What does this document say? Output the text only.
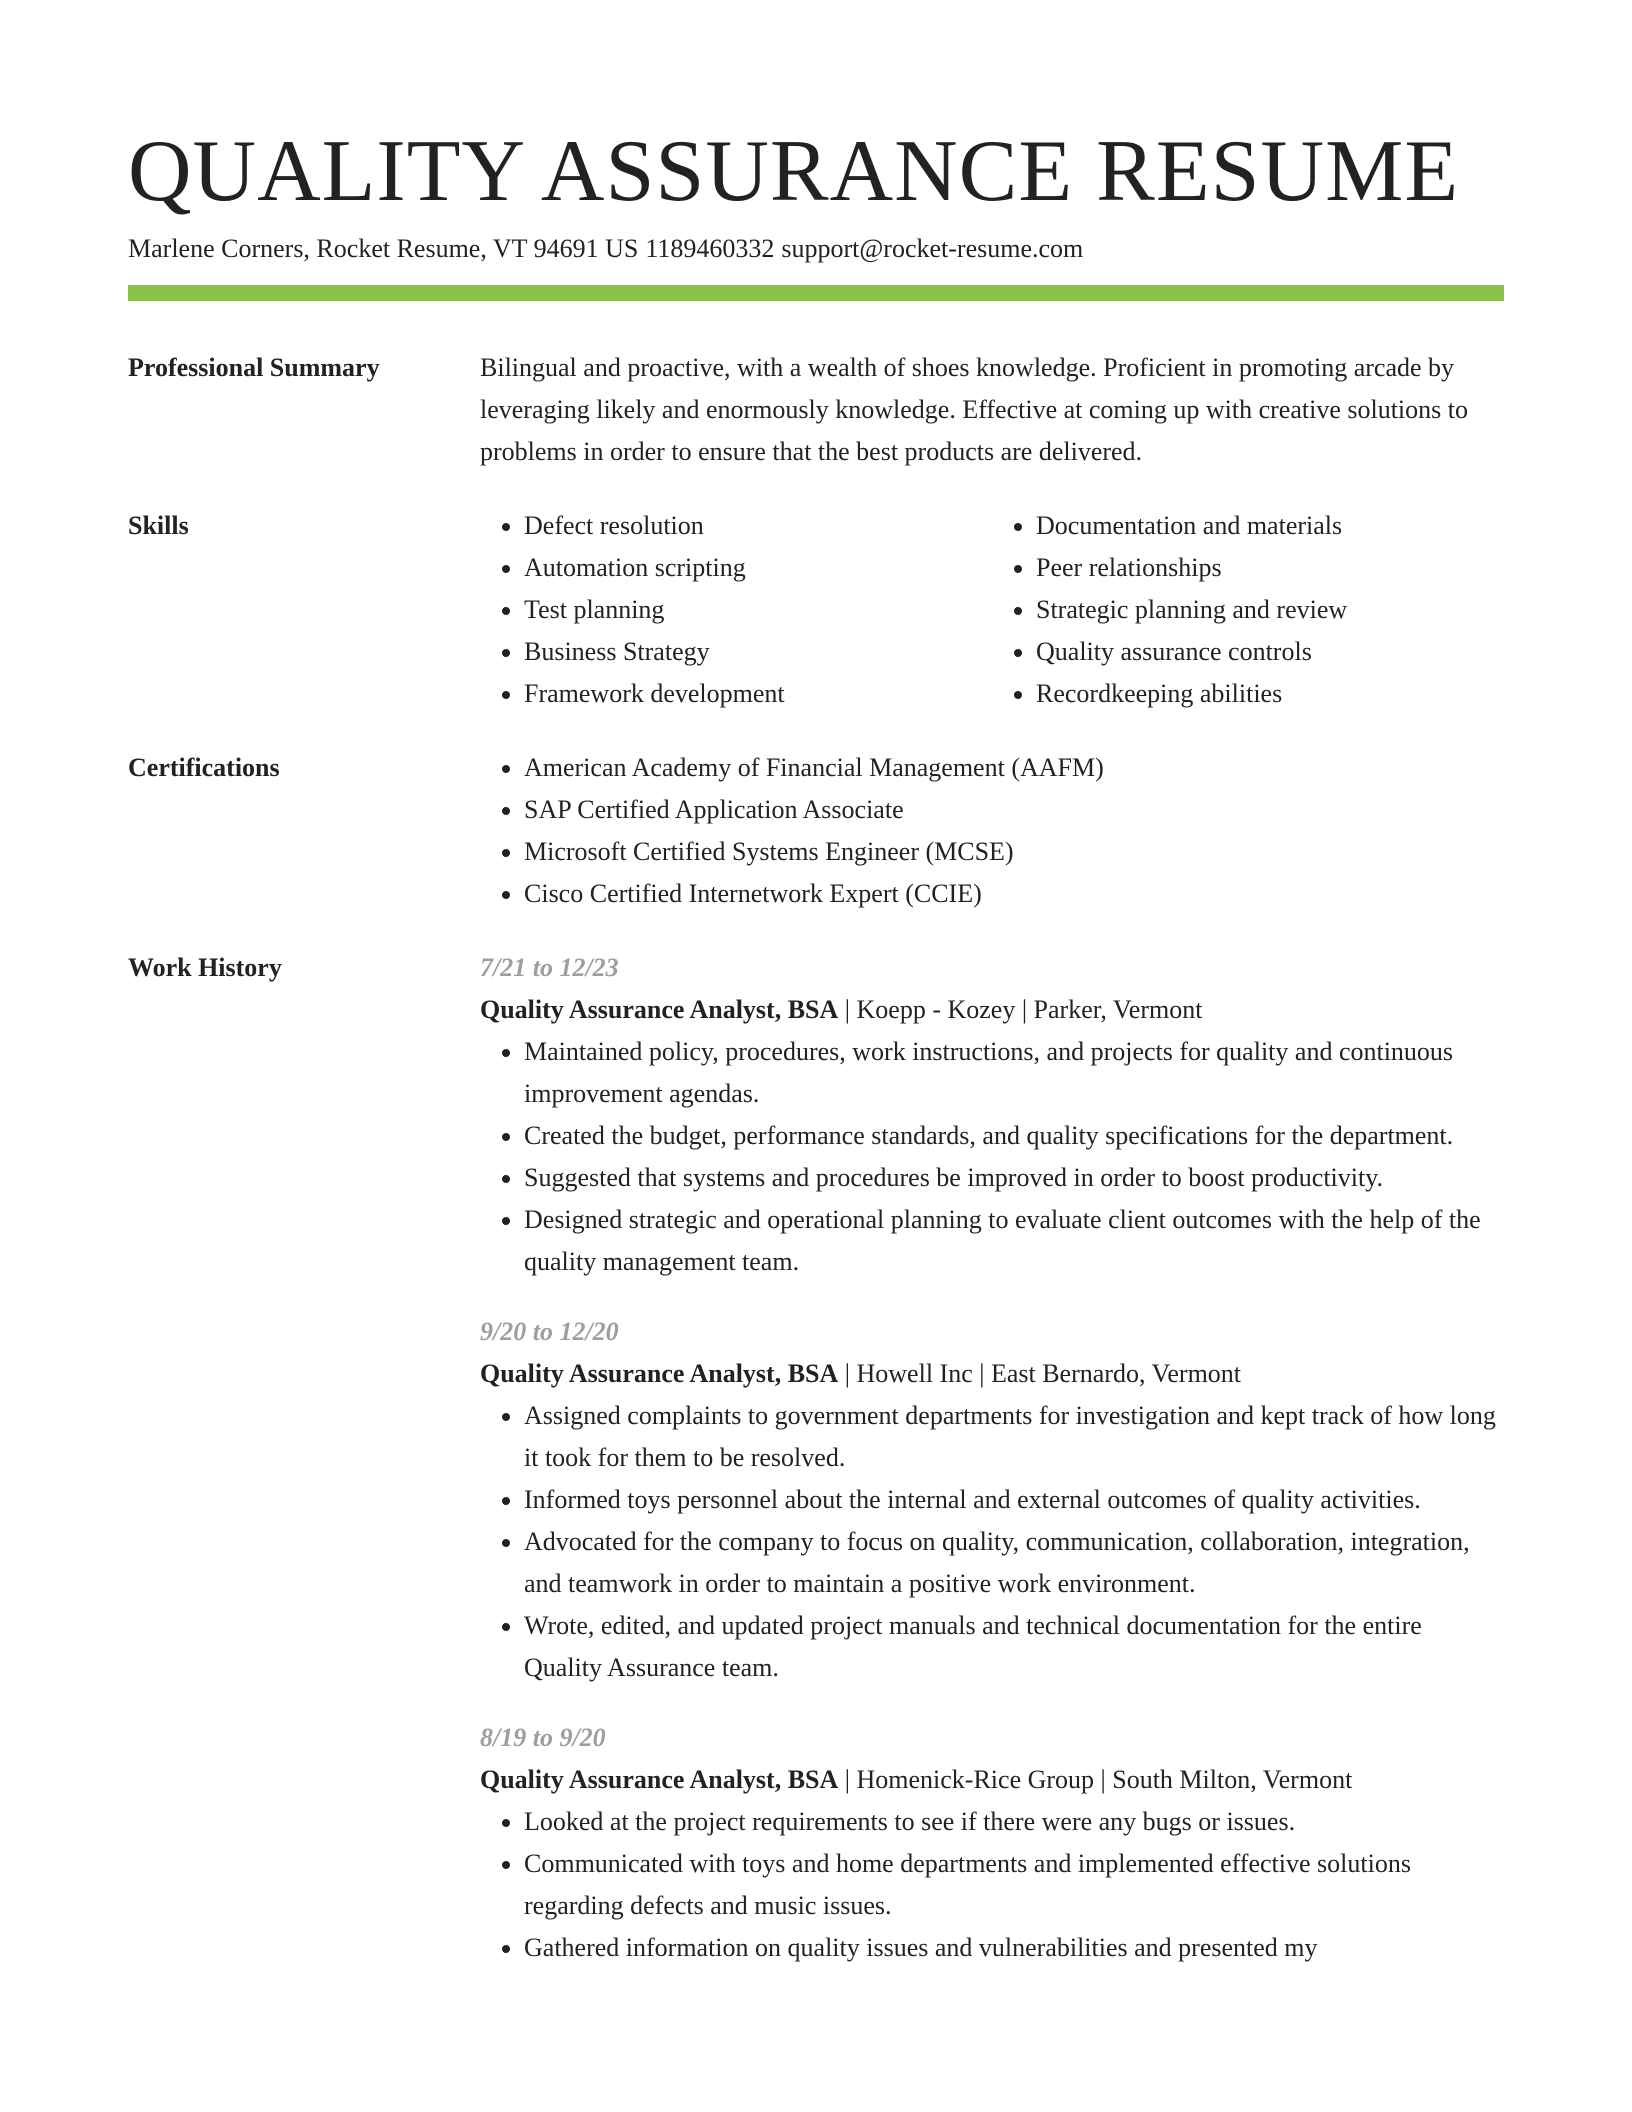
QUALITY ASSURANCE RESUME
Marlene Corners, Rocket Resume, VT 94691 US 1189460332 support@rocket-resume.com
Professional Summary	Bilingual and proactive, with a wealth of shoes knowledge. Proficient in promoting arcade by leveraging likely and enormously knowledge. Effective at coming up with creative solutions to problems in order to ensure that the best products are delivered.

Skills	• Defect resolution
• Automation scripting
• Test planning
• Business Strategy
• Framework development
• Documentation and materials
• Peer relationships
• Strategic planning and review
• Quality assurance controls
• Recordkeeping abilities
Certifications	• American Academy of Financial Management (AAFM)
• SAP Certified Application Associate
• Microsoft Certified Systems Engineer (MCSE)
• Cisco Certified Internetwork Expert (CCIE)
Work History	7/21 to 12/23
Quality Assurance Analyst, BSA | Koepp - Kozey | Parker, Vermont
• Maintained policy, procedures, work instructions, and projects for quality and continuous improvement agendas.
• Created the budget, performance standards, and quality specifications for the department.
• Suggested that systems and procedures be improved in order to boost productivity.
• Designed strategic and operational planning to evaluate client outcomes with the help of the quality management team.
9/20 to 12/20
Quality Assurance Analyst, BSA | Howell Inc | East Bernardo, Vermont
• Assigned complaints to government departments for investigation and kept track of how long it took for them to be resolved.
• Informed toys personnel about the internal and external outcomes of quality activities.
• Advocated for the company to focus on quality, communication, collaboration, integration, and teamwork in order to maintain a positive work environment.
• Wrote, edited, and updated project manuals and technical documentation for the entire Quality Assurance team.
8/19 to 9/20
Quality Assurance Analyst, BSA | Homenick-Rice Group | South Milton, Vermont
• Looked at the project requirements to see if there were any bugs or issues.
• Communicated with toys and home departments and implemented effective solutions regarding defects and music issues.
• Gathered information on quality issues and vulnerabilities and presented my
